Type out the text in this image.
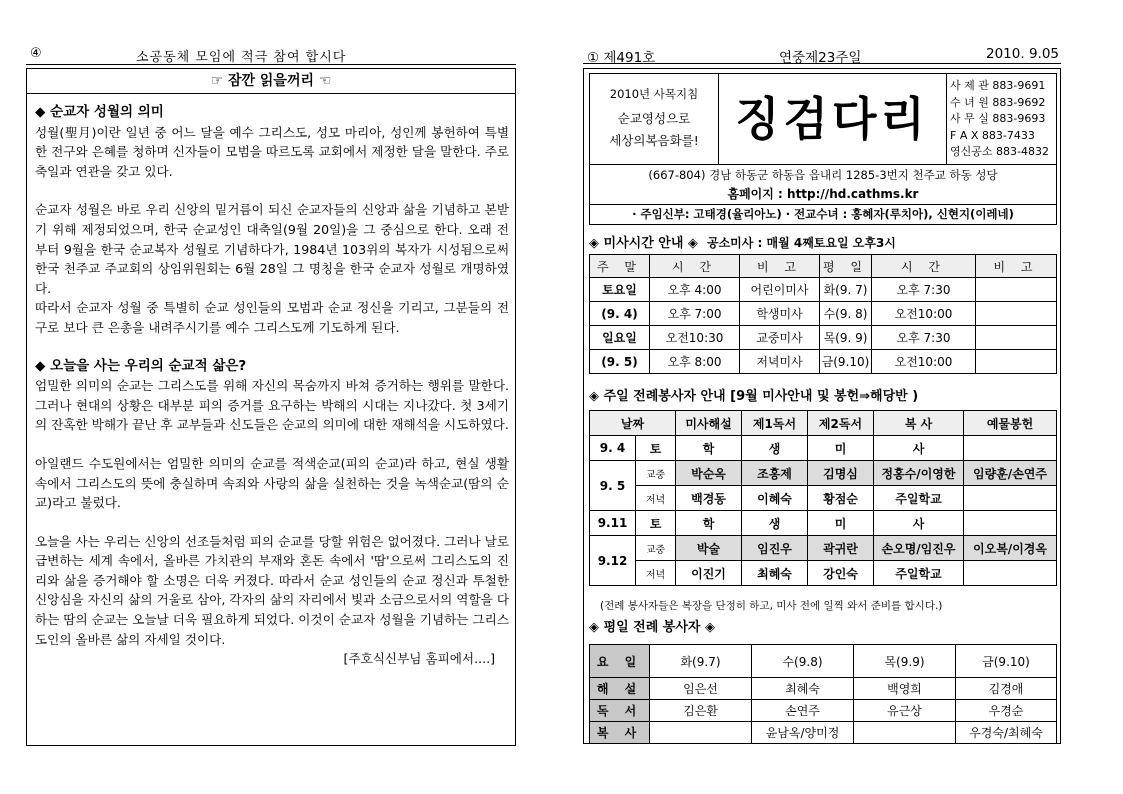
④	소공동체 모임에 적극 참여 합시다
☞ 잠깐 읽을꺼리 ☜

◆ 순교자 성월의 의미

성월(聖月)이란 일년 중 어느 달을 예수 그리스도, 성모 마리아, 성인께 봉헌하여 특별한 전구와 은혜를 청하며 신자들이 모범을 따르도록 교회에서 제정한 달을 말한다. 주로 축일과 연관을 갖고 있다.

순교자 성월은 바로 우리 신앙의 밑거름이 되신 순교자들의 신앙과 삶을 기념하고 본받기 위해 제정되었으며, 한국 순교성인 대축일(9월 20일)을 그 중심으로 한다. 오래 전부터 9월을 한국 순교복자 성월로 기념하다가, 1984년 103위의 복자가 시성됨으로써 한국 천주교 주교회의 상임위원회는 6월 28일 그 명칭을 한국 순교자 성월로 개명하였다.

따라서 순교자 성월 중 특별히 순교 성인들의 모범과 순교 정신을 기리고, 그분들의 전구로 보다 큰 은총을 내려주시기를 예수 그리스도께 기도하게 된다.

◆ 오늘을 사는 우리의 순교적 삶은?

엄밀한 의미의 순교는 그리스도를 위해 자신의 목숨까지 바쳐 증거하는 행위를 말한다. 그러나 현대의 상황은 대부분 피의 증거를 요구하는 박해의 시대는 지나갔다. 첫 3세기의 잔혹한 박해가 끝난 후 교부들과 신도들은 순교의 의미에 대한 재해석을 시도하였다.

아일랜드 수도원에서는 엄밀한 의미의 순교를 적색순교(피의 순교)라 하고, 현실 생활 속에서 그리스도의 뜻에 충실하며 속죄와 사랑의 삶을 실천하는 것을 녹색순교(땀의 순교)라고 불렀다.

오늘을 사는 우리는 신앙의 선조들처럼 피의 순교를 당할 위험은 없어졌다. 그러나 날로 급변하는 세계 속에서, 올바른 가치관의 부재와 혼돈 속에서 '땀'으로써 그리스도의 진리와 삶을 증거해야 할 소명은 더욱 커졌다. 따라서 순교 성인들의 순교 정신과 투철한 신앙심을 자신의 삶의 거울로 삼아, 각자의 삶의 자리에서 빛과 소금으로서의 역할을 다하는 땀의 순교는 오늘날 더욱 필요하게 되었다. 이것이 순교자 성월을 기념하는 그리스도인의 올바른 삶의 자세일 것이다.

[주호식신부님 홈피에서....]

① 제491호	연중제23주일	2010. 9.05
2010년 사목지침
순교영성으로
세상의복음화를! 징검다리
사 제 관 883-9691
수 녀 원 883-9692
사 무 실 883-9693
F A X 883-7433
영신공소 883-4832
(667-804) 경남 하동군 하동읍 읍내리 1285-3번지 천주교 하동 성당
홈페이지 : http://hd.cathms.kr
· 주임신부: 고태경(율리아노) · 전교수녀 : 홍혜자(루치아), 신현지(이레네)
◈ 미사시간 안내 ◈ 공소미사 : 매월 4째토요일 오후3시
주 말	시 간	비 고	평 일	시 간	비 고
토요일	오후 4:00	어린이미사	화(9. 7)	오후 7:30	
(9. 4)	오후 7:00	학생미사	수(9. 8)	오전10:00	
일요일	오전10:30	교중미사	목(9. 9)	오후 7:30	
(9. 5)	오후 8:00	저녁미사	금(9.10)	오전10:00	
◈ 주일 전례봉사자 안내 [9월 미사안내 및 봉헌⇒해당반 )
날짜		미사해설	제1독서	제2독서	복 사	예물봉헌
9. 4	토	학	생	미	사	
9. 5	교중	박순옥	조홍제	김명심	정홍수/이영한	임량훈/손연주
	저녁	백경동	이혜숙	황점순	주일학교	
9.11	토	학	생	미	사	
9.12	교중	박술	임진우	곽귀란	손오명/임진우	이오복/이경옥
	저녁	이진기	최혜숙	강인숙	주일학교	
(전례 봉사자들은 복장을 단정히 하고, 미사 전에 일찍 와서 준비를 합시다.)
◈ 평일 전례 봉사자 ◈
요 일	화(9.7)	수(9.8)	목(9.9)	금(9.10)
해 설	임은선	최혜숙	백영희	김경애
독 서	김은환	손연주	유근상	우경순
복 사		윤남옥/양미정		우경숙/최혜숙
